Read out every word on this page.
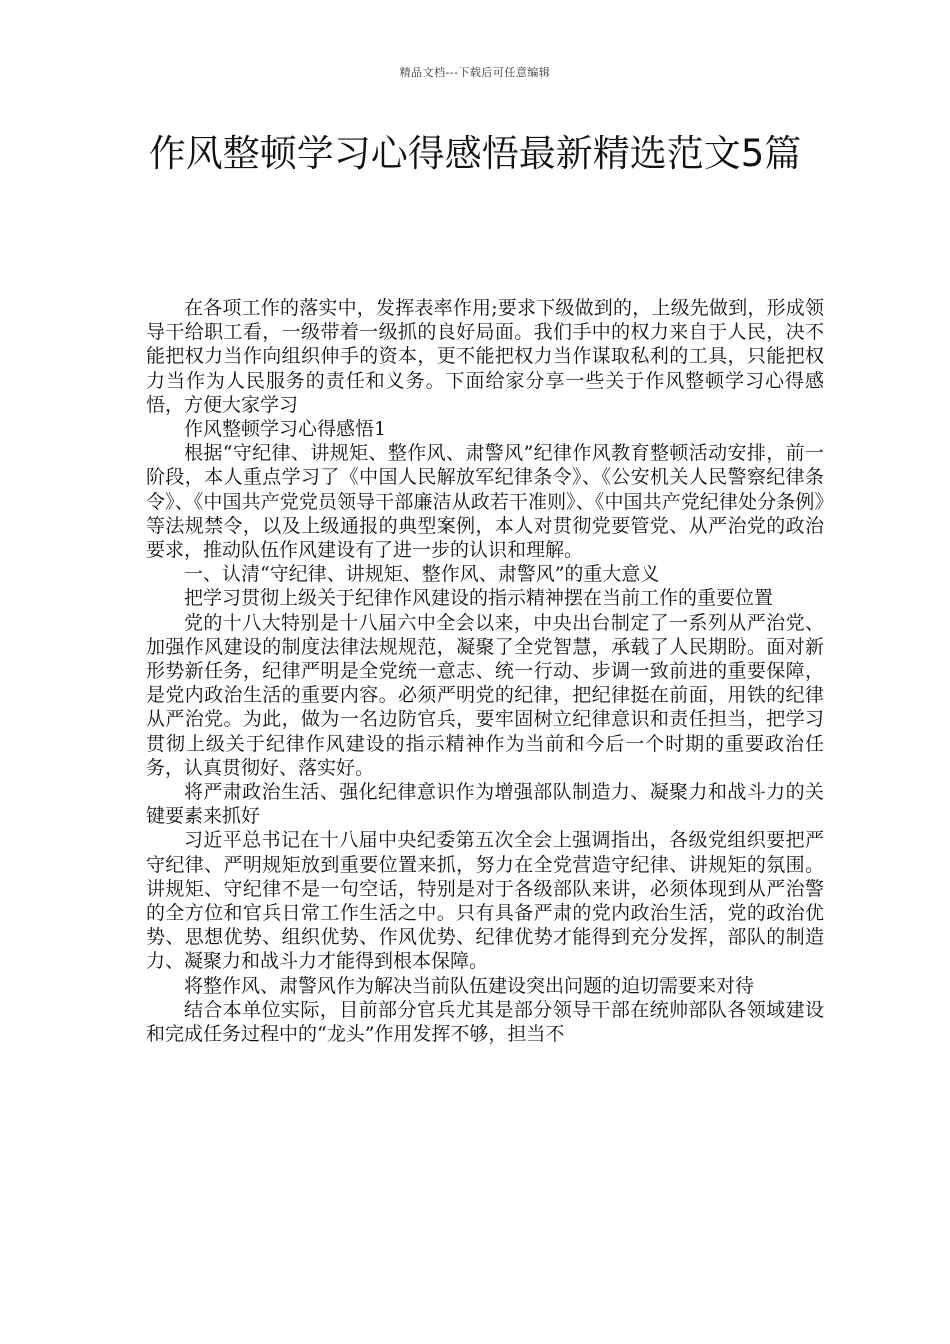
精品文档---下载后可任意编辑
作风整顿学习心得感悟最新精选范文5篇

在各项工作的落实中，发挥表率作用;要求下级做到的，上级先做到，形成领导干给职工看，一级带着一级抓的良好局面。我们手中的权力来自于人民，决不能把权力当作向组织伸手的资本，更不能把权力当作谋取私利的工具，只能把权力当作为人民服务的责任和义务。下面给家分享一些关于作风整顿学习心得感悟，方便大家学习

作风整顿学习心得感悟1

根据“守纪律、讲规矩、整作风、肃警风”纪律作风教育整顿活动安排，前一阶段，本人重点学习了《中国人民解放军纪律条令》、《公安机关人民警察纪律条令》、《中国共产党党员领导干部廉洁从政若干准则》、《中国共产党纪律处分条例》等法规禁令，以及上级通报的典型案例，本人对贯彻党要管党、从严治党的政治要求，推动队伍作风建设有了进一步的认识和理解。

一、认清“守纪律、讲规矩、整作风、肃警风”的重大意义

把学习贯彻上级关于纪律作风建设的指示精神摆在当前工作的重要位置

党的十八大特别是十八届六中全会以来，中央出台制定了一系列从严治党、加强作风建设的制度法律法规规范，凝聚了全党智慧，承载了人民期盼。面对新形势新任务，纪律严明是全党统一意志、统一行动、步调一致前进的重要保障，是党内政治生活的重要内容。必须严明党的纪律，把纪律挺在前面，用铁的纪律从严治党。为此，做为一名边防官兵，要牢固树立纪律意识和责任担当，把学习贯彻上级关于纪律作风建设的指示精神作为当前和今后一个时期的重要政治任务，认真贯彻好、落实好。

将严肃政治生活、强化纪律意识作为增强部队制造力、凝聚力和战斗力的关键要素来抓好

习近平总书记在十八届中央纪委第五次全会上强调指出，各级党组织要把严守纪律、严明规矩放到重要位置来抓，努力在全党营造守纪律、讲规矩的氛围。讲规矩、守纪律不是一句空话，特别是对于各级部队来讲，必须体现到从严治警的全方位和官兵日常工作生活之中。只有具备严肃的党内政治生活，党的政治优势、思想优势、组织优势、作风优势、纪律优势才能得到充分发挥，部队的制造力、凝聚力和战斗力才能得到根本保障。

将整作风、肃警风作为解决当前队伍建设突出问题的迫切需要来对待

结合本单位实际，目前部分官兵尤其是部分领导干部在统帅部队各领域建设和完成任务过程中的“龙头”作用发挥不够，担当不
